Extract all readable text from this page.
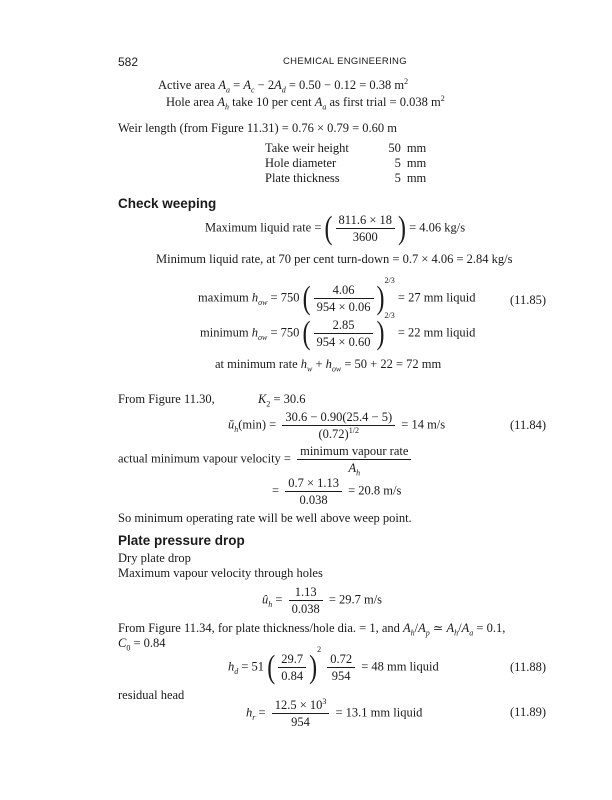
582	CHEMICAL ENGINEERING
Active area $A_a = A_c - 2A_d = 0.50 - 0.12 = 0.38$ $m^2$
Hole area $A_h$ take 10 per cent $A_a$ as first trial = 0.038 $m^2$
Weir length (from Figure 11.31) = 0.76 × 0.79 = 0.60 m
Take weir height	50	mm
Hole diameter	5	mm
Plate thickness	5	mm
Check weeping
Maximum liquid rate = ( $\frac{811.6 \times 18}{3600}$ ) = 4.06 kg/s
Minimum liquid rate, at 70 per cent turn-down = 0.7 × 4.06 = 2.84 kg/s
maximum $h_{ow} = 750$ ( $\frac{4.06}{954 \times 0.06} )^{2/3} = 27$ mm liquid	(11.85)
minimum $h_{ow} = 750$ ( $\frac{2.85}{954 \times 0.60} )^{2/3} = 22$ mm liquid
at minimum rate $h_w + h_{ow} = 50 + 22 = 72$ mm
From Figure 11.30,	$K_2 = 30.6$
$ŭ_h(\min) = \frac{30.6 - 0.90(25.4 - 5)}{(0.72)^{1/2}} = 14$ m/s	(11.84)
actual minimum vapour velocity = $\frac{\text{minimum vapour rate}}{A_h}$
= $\frac{0.7 \times 1.13}{0.038} = 20.8$ m/s
So minimum operating rate will be well above weep point.
Plate pressure drop
Dry plate drop
Maximum vapour velocity through holes
$û_h = \frac{1.13}{0.038} = 29.7$ m/s
From Figure 11.34, for plate thickness/hole dia. = 1, and $A_h/A_p$ ≃ $A_h/A_a = 0.1$,
$C_0 = 0.84$
$h_d = 51$ ( $\frac{29.7}{0.84} )^2$
$\frac{0.72}{954} = 48$ mm liquid	(11.88)
residual head
$h_r = \frac{12.5 \times 10^3}{954} = 13.1$ mm liquid	(11.89)
